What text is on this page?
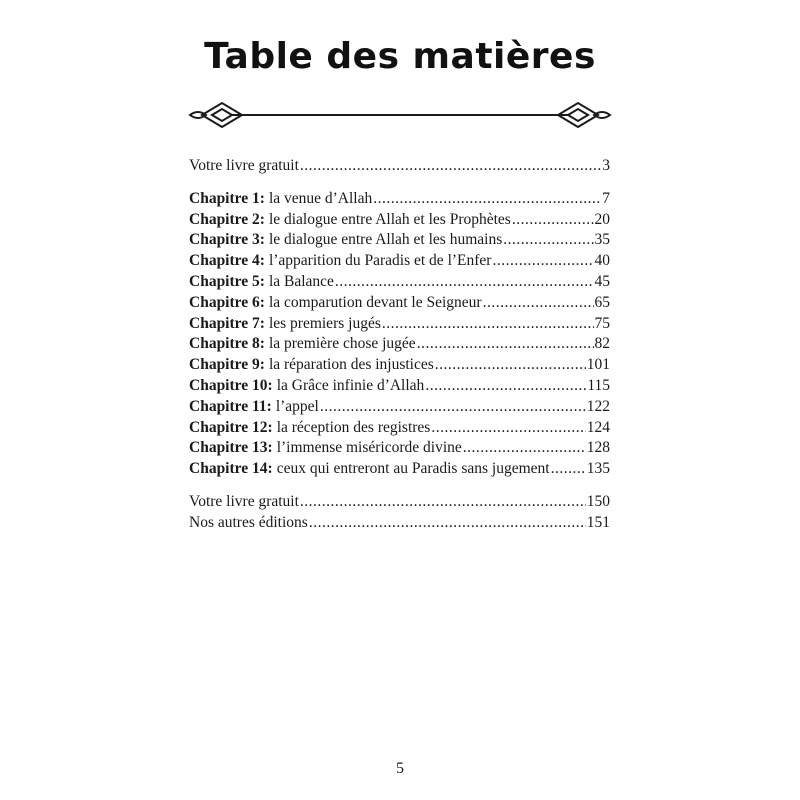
Table des matières
Votre livre gratuit .....	3
Chapitre 1 : la venue d’Allah .....	7
Chapitre 2 : le dialogue entre Allah et les Prophètes .....	20
Chapitre 3 : le dialogue entre Allah et les humains .....	35
Chapitre 4 : l’apparition du Paradis et de l’Enfer .....	40
Chapitre 5 : la Balance .....	45
Chapitre 6 : la comparution devant le Seigneur .....	65
Chapitre 7 : les premiers jugés .....	75
Chapitre 8 : la première chose jugée .....	82
Chapitre 9 : la réparation des injustices .....	101
Chapitre 10 : la Grâce infinie d’Allah .....	115
Chapitre 11 : l’appel .....	122
Chapitre 12 : la réception des registres .....	124
Chapitre 13 : l’immense miséricorde divine .....	128
Chapitre 14 : ceux qui entreront au Paradis sans jugement ..... 135
Votre livre gratuit .....	150
Nos autres éditions .....	151
5
